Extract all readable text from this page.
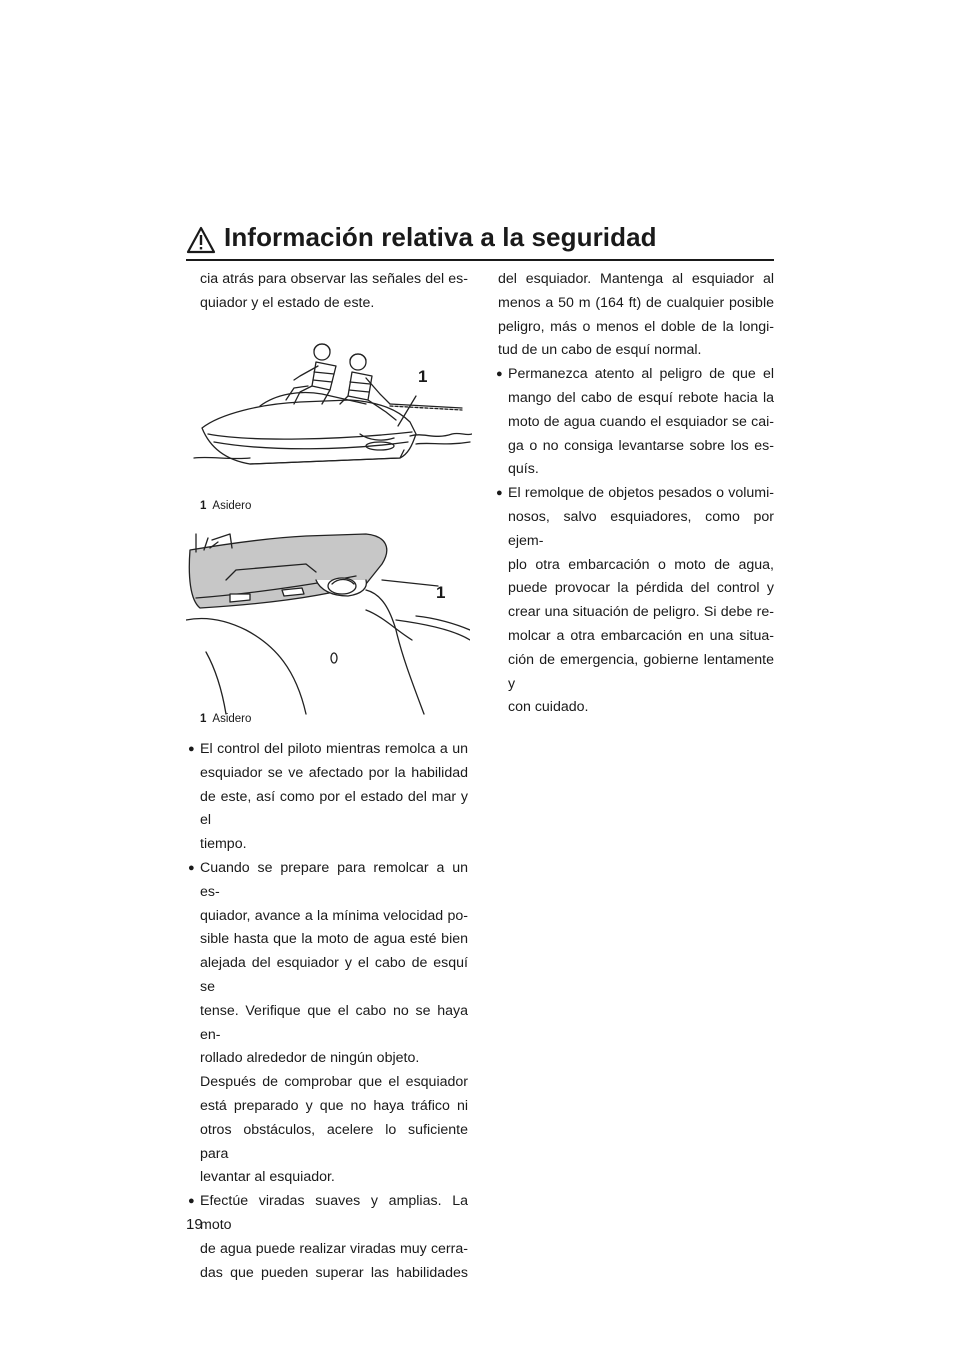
Información relativa a la seguridad

cia atrás para observar las señales del es-
quiador y el estado de este.

1
1 Asidero
1
1 Asidero
● El control del piloto mientras remolca a un
esquiador se ve afectado por la habilidad
de este, así como por el estado del mar y el
tiempo.
● Cuando se prepare para remolcar a un es-
quiador, avance a la mínima velocidad po-
sible hasta que la moto de agua esté bien
alejada del esquiador y el cabo de esquí se
tense. Verifique que el cabo no se haya en-
rollado alrededor de ningún objeto.
Después de comprobar que el esquiador
está preparado y que no haya tráfico ni
otros obstáculos, acelere lo suficiente para
levantar al esquiador.
● Efectúe viradas suaves y amplias. La moto
de agua puede realizar viradas muy cerra-
das que pueden superar las habilidades

del esquiador. Mantenga al esquiador al
menos a 50 m (164 ft) de cualquier posible
peligro, más o menos el doble de la longi-
tud de un cabo de esquí normal.

● Permanezca atento al peligro de que el
mango del cabo de esquí rebote hacia la
moto de agua cuando el esquiador se cai-
ga o no consiga levantarse sobre los es-
quís.
● El remolque de objetos pesados o volumi-
nosos, salvo esquiadores, como por ejem-
plo otra embarcación o moto de agua,
puede provocar la pérdida del control y
crear una situación de peligro. Si debe re-
molcar a otra embarcación en una situa-
ción de emergencia, gobierne lentamente y
con cuidado.
19
